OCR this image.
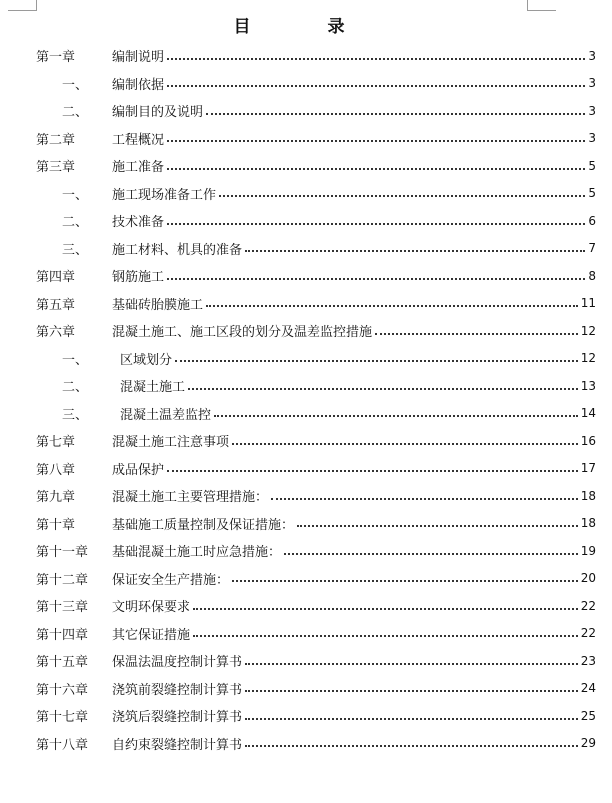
目　录
第一章	编制说明	3
一、	编制依据	3
二、	编制目的及说明	3
第二章	工程概况	3
第三章	施工准备	5
一、	施工现场准备工作	5
二、	技术准备	6
三、	施工材料、机具的准备	7
第四章	钢筋施工	8
第五章	基础砖胎膜施工	11
第六章	混凝土施工、施工区段的划分及温差监控措施	12
一、	区域划分	12
二、	混凝土施工	13
三、	混凝土温差监控	14
第七章	混凝土施工注意事项	16
第八章	成品保护	17
第九章	混凝土施工主要管理措施：	18
第十章	基础施工质量控制及保证措施：	18
第十一章	基础混凝土施工时应急措施：	19
第十二章	保证安全生产措施：	20
第十三章	文明环保要求	22
第十四章	其它保证措施	22
第十五章	保温法温度控制计算书	23
第十六章	浇筑前裂缝控制计算书	24
第十七章	浇筑后裂缝控制计算书	25
第十八章	自约束裂缝控制计算书	29
